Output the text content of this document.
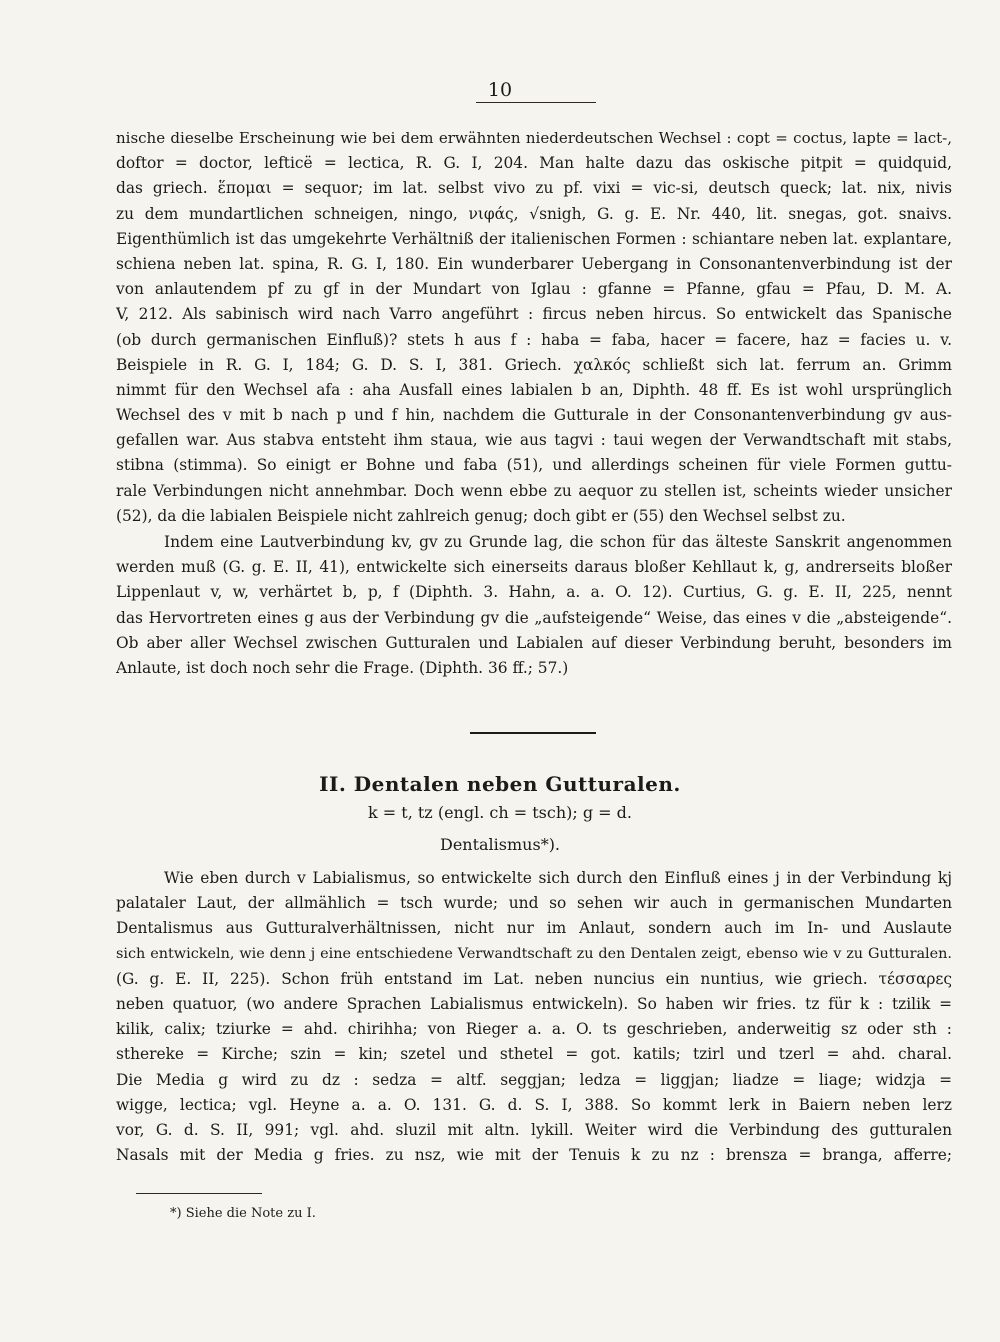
10
nische dieselbe Erscheinung wie bei dem erwähnten niederdeutschen Wechsel : copt = coctus, lapte = lact-,
doftor = doctor, lefticë = lectica, R. G. I, 204. Man halte dazu das oskische pitpit = quidquid,
das griech. ἕπομαι = sequor; im lat. selbst vivo zu pf. vixi = vic-si, deutsch queck; lat. nix, nivis
zu dem mundartlichen schneigen, ningo, νιφάς, √snigh, G. g. E. Nr. 440, lit. snegas, got. snaivs.
Eigenthümlich ist das umgekehrte Verhältniß der italienischen Formen : schiantare neben lat. explantare,
schiena neben lat. spina, R. G. I, 180. Ein wunderbarer Uebergang in Consonantenverbindung ist der
von anlautendem pf zu gf in der Mundart von Iglau : gfanne = Pfanne, gfau = Pfau, D. M. A.
V, 212. Als sabinisch wird nach Varro angeführt : fircus neben hircus. So entwickelt das Spanische
(ob durch germanischen Einfluß)? stets h aus f : haba = faba, hacer = facere, haz = facies u. v.
Beispiele in R. G. I, 184; G. D. S. I, 381. Griech. χαλκός schließt sich lat. ferrum an. Grimm
nimmt für den Wechsel afa : aha Ausfall eines labialen b an, Diphth. 48 ff. Es ist wohl ursprünglich
Wechsel des v mit b nach p und f hin, nachdem die Gutturale in der Consonantenverbindung gv aus-
gefallen war. Aus stabva entsteht ihm staua, wie aus tagvi : taui wegen der Verwandtschaft mit stabs,
stibna (stimma). So einigt er Bohne und faba (51), und allerdings scheinen für viele Formen guttu-
rale Verbindungen nicht annehmbar. Doch wenn ebbe zu aequor zu stellen ist, scheints wieder unsicher
(52), da die labialen Beispiele nicht zahlreich genug; doch gibt er (55) den Wechsel selbst zu.
Indem eine Lautverbindung kv, gv zu Grunde lag, die schon für das älteste Sanskrit angenommen
werden muß (G. g. E. II, 41), entwickelte sich einerseits daraus bloßer Kehllaut k, g, andrerseits bloßer
Lippenlaut v, w, verhärtet b, p, f (Diphth. 3. Hahn, a. a. O. 12). Curtius, G. g. E. II, 225, nennt
das Hervortreten eines g aus der Verbindung gv die „aufsteigende“ Weise, das eines v die „absteigende“.
Ob aber aller Wechsel zwischen Gutturalen und Labialen auf dieser Verbindung beruht, besonders im
Anlaute, ist doch noch sehr die Frage. (Diphth. 36 ff.; 57.)
II. Dentalen neben Gutturalen.
k = t, tz (engl. ch = tsch); g = d.
Dentalismus*).
Wie eben durch v Labialismus, so entwickelte sich durch den Einfluß eines j in der Verbindung kj
palataler Laut, der allmählich = tsch wurde; und so sehen wir auch in germanischen Mundarten
Dentalismus aus Gutturalverhältnissen, nicht nur im Anlaut, sondern auch im In- und Auslaute
sich entwickeln, wie denn j eine entschiedene Verwandtschaft zu den Dentalen zeigt, ebenso wie v zu Gutturalen.
(G. g. E. II, 225). Schon früh entstand im Lat. neben nuncius ein nuntius, wie griech. τέσσαρες
neben quatuor, (wo andere Sprachen Labialismus entwickeln). So haben wir fries. tz für k : tzilik =
kilik, calix; tziurke = ahd. chirihha; von Rieger a. a. O. ts geschrieben, anderweitig sz oder sth :
sthereke = Kirche; szin = kin; szetel und sthetel = got. katils; tzirl und tzerl = ahd. charal.
Die Media g wird zu dz : sedza = altf. seggjan; ledza = liggjan; liadze = liage; widzja =
wigge, lectica; vgl. Heyne a. a. O. 131. G. d. S. I, 388. So kommt lerk in Baiern neben lerz
vor, G. d. S. II, 991; vgl. ahd. sluzil mit altn. lykill. Weiter wird die Verbindung des gutturalen
Nasals mit der Media g fries. zu nsz, wie mit der Tenuis k zu nz : brensza = branga, afferre;
*) Siehe die Note zu I.
